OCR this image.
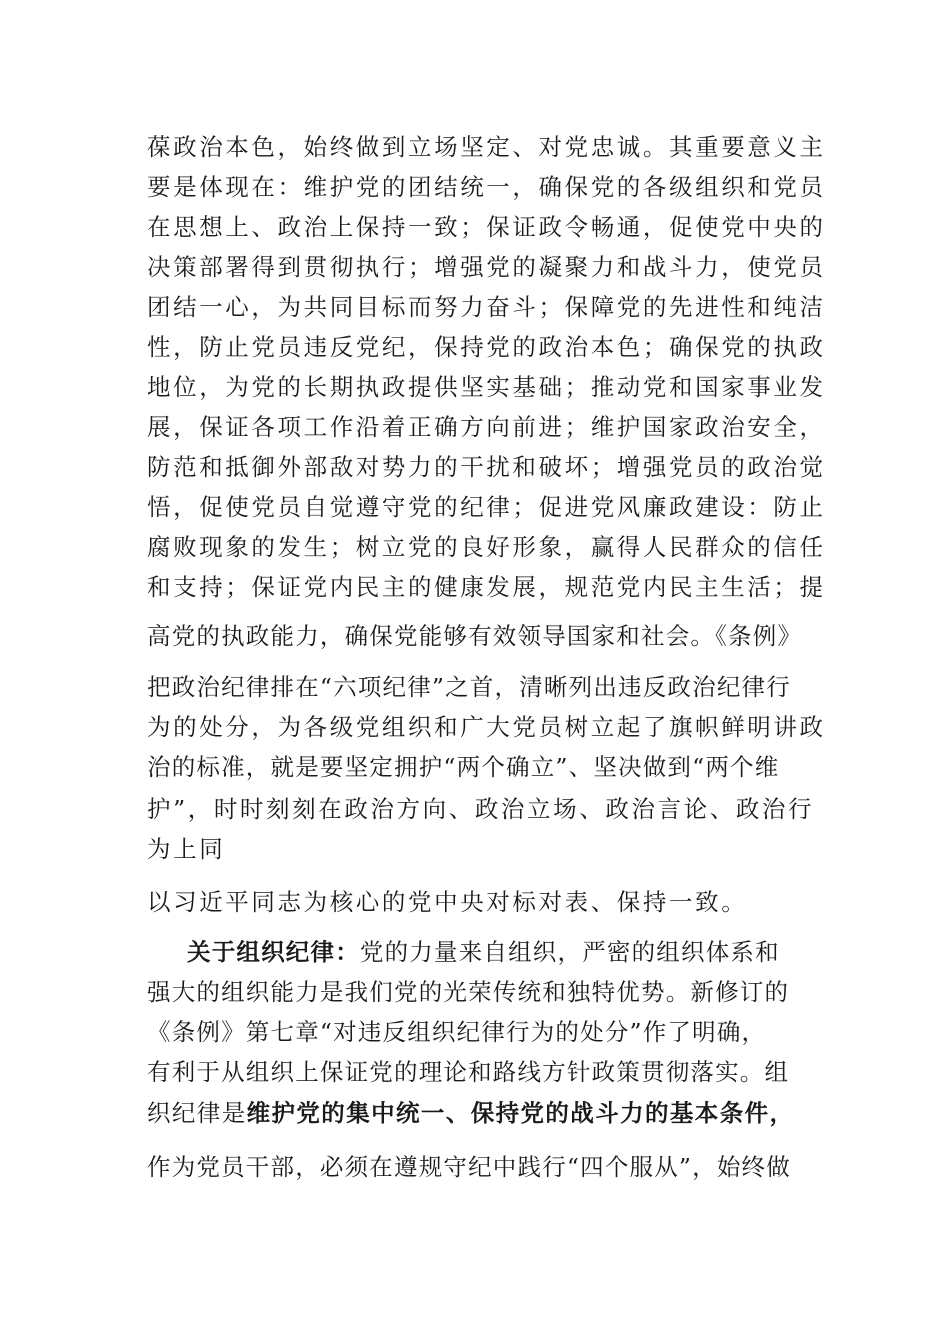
葆政治本色，始终做到立场坚定、对党忠诚。其重要意义主
要是体现在：维护党的团结统一，确保党的各级组织和党员
在思想上、政治上保持一致；保证政令畅通，促使党中央的
决策部署得到贯彻执行；增强党的凝聚力和战斗力，使党员
团结一心，为共同目标而努力奋斗；保障党的先进性和纯洁
性，防止党员违反党纪，保持党的政治本色；确保党的执政
地位，为党的长期执政提供坚实基础；推动党和国家事业发
展，保证各项工作沿着正确方向前进；维护国家政治安全，
防范和抵御外部敌对势力的干扰和破坏；增强党员的政治觉
悟，促使党员自觉遵守党的纪律；促进党风廉政建设：防止
腐败现象的发生；树立党的良好形象，赢得人民群众的信任
和支持；保证党内民主的健康发展，规范党内民主生活；提
高党的执政能力，确保党能够有效领导国家和社会。《条例》
把政治纪律排在“六项纪律”之首，清晰列出违反政治纪律行
为的处分，为各级党组织和广大党员树立起了旗帜鲜明讲政
治的标准，就是要坚定拥护“两个确立”、坚决做到“两个维
护”，时时刻刻在政治方向、政治立场、政治言论、政治行
为上同
以习近平同志为核心的党中央对标对表、保持一致。
关于组织纪律：党的力量来自组织，严密的组织体系和
强大的组织能力是我们党的光荣传统和独特优势。新修订的
《条例》第七章“对违反组织纪律行为的处分”作了明确，
有利于从组织上保证党的理论和路线方针政策贯彻落实。组
织纪律是维护党的集中统一、保持党的战斗力的基本条件，
作为党员干部，必须在遵规守纪中践行“四个服从”，始终做
